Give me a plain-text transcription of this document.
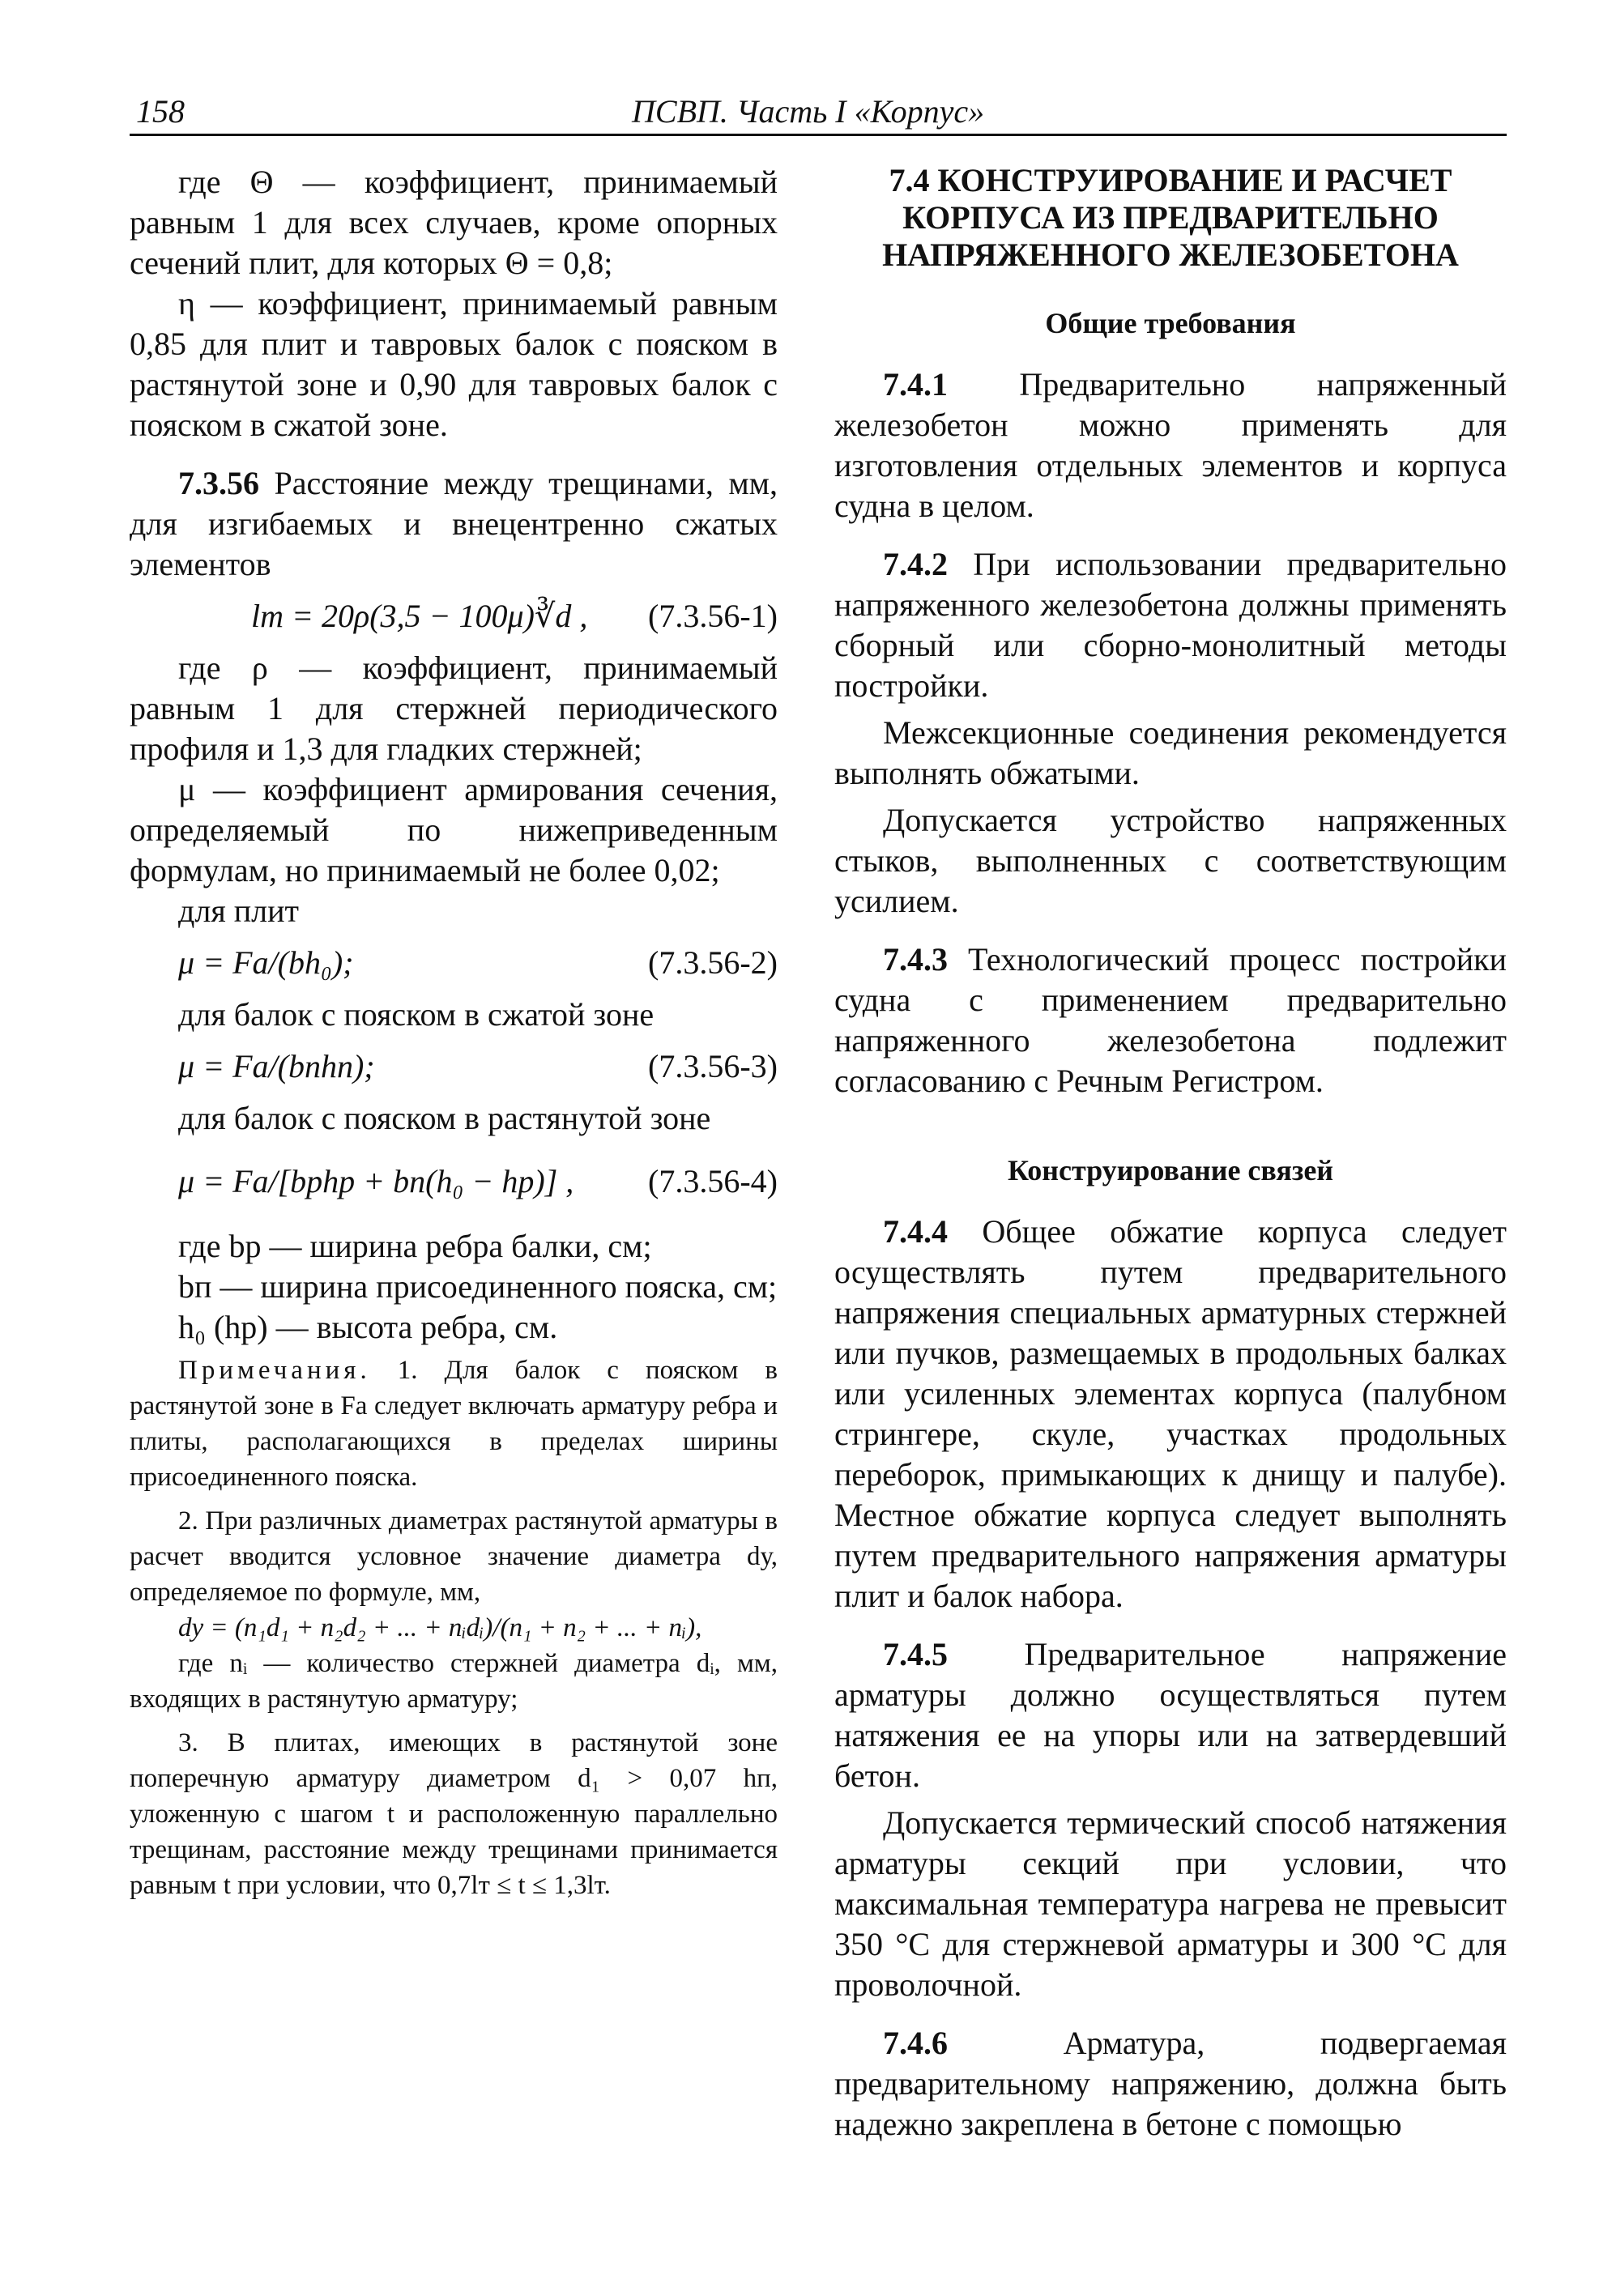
158	ПСВП. Часть I «Корпус»

где Θ — коэффициент, принимаемый равным 1 для всех случаев, кроме опорных сечений плит, для которых Θ = 0,8;

η — коэффициент, принимаемый равным 0,85 для плит и тавровых балок с пояском в растянутой зоне и 0,90 для тавровых балок с пояском в сжатой зоне.

7.3.56 Расстояние между трещинами, мм, для изгибаемых и внецентренно сжатых элементов

lт = 20ρ(3,5 − 100μ)∛d , (7.3.56-1)

где ρ — коэффициент, принимаемый равным 1 для стержней периодического профиля и 1,3 для гладких стержней;

μ — коэффициент армирования сечения, определяемый по нижеприведенным формулам, но принимаемый не более 0,02;

для плит

μ = Fа/(bh₀);	(7.3.56-2)

для балок с пояском в сжатой зоне

μ = Fа/(bпhп);	(7.3.56-3)

для балок с пояском в растянутой зоне

μ = Fа/[bрhр + bп(h₀ − hр)] , (7.3.56-4)

где bр — ширина ребра балки, см;

bп — ширина присоединенного пояска, см;

h₀ (hр) — высота ребра, см.

Примечания. 1. Для балок с пояском в растянутой зоне в Fа следует включать арматуру ребра и плиты, располагающихся в пределах ширины присоединенного пояска.

2. При различных диаметрах растянутой арматуры в расчет вводится условное значение диаметра dу, определяемое по формуле, мм,

dу = (n₁d₁ + n₂d₂ + ... + nᵢdᵢ)/(n₁ + n₂ + ... + nᵢ),

где nᵢ — количество стержней диаметра dᵢ, мм, входящих в растянутую арматуру;

3. В плитах, имеющих в растянутой зоне поперечную арматуру диаметром d₁ > 0,07 hп, уложенную с шагом t и расположенную параллельно трещинам, расстояние между трещинами принимается равным t при условии, что 0,7lт ≤ t ≤ 1,3lт.

7.4 КОНСТРУИРОВАНИЕ И РАСЧЕТ КОРПУСА ИЗ ПРЕДВАРИТЕЛЬНО НАПРЯЖЕННОГО ЖЕЛЕЗОБЕТОНА

Общие требования

7.4.1 Предварительно напряженный железобетон можно применять для изготовления отдельных элементов и корпуса судна в целом.

7.4.2 При использовании предварительно напряженного железобетона должны применять сборный или сборно-монолитный методы постройки.

Межсекционные соединения рекомендуется выполнять обжатыми.

Допускается устройство напряженных стыков, выполненных с соответствующим усилием.

7.4.3 Технологический процесс постройки судна с применением предварительно напряженного железобетона подлежит согласованию с Речным Регистром.

Конструирование связей

7.4.4 Общее обжатие корпуса следует осуществлять путем предварительного напряжения специальных арматурных стержней или пучков, размещаемых в продольных балках или усиленных элементах корпуса (палубном стрингере, скуле, участках продольных переборок, примыкающих к днищу и палубе). Местное обжатие корпуса следует выполнять путем предварительного напряжения арматуры плит и балок набора.

7.4.5 Предварительное напряжение арматуры должно осуществляться путем натяжения ее на упоры или на затвердевший бетон.

Допускается термический способ натяжения арматуры секций при условии, что максимальная температура нагрева не превысит 350 °С для стержневой арматуры и 300 °С для проволочной.

7.4.6 Арматура, подвергаемая предварительному напряжению, должна быть надежно закреплена в бетоне с помощью
